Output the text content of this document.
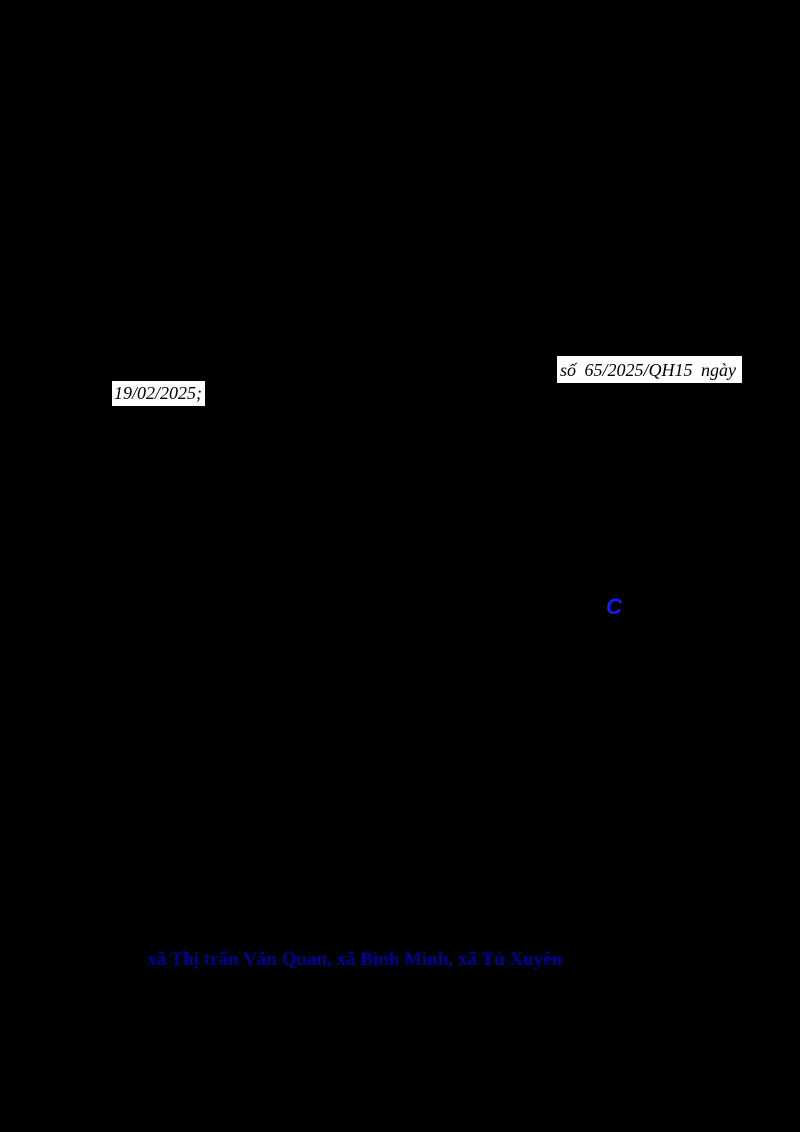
số 65/2025/QH15 ngày
19/02/2025;
C
xã Thị trấn Vân Quan, xã Bình Minh, xã Tú Xuyên
